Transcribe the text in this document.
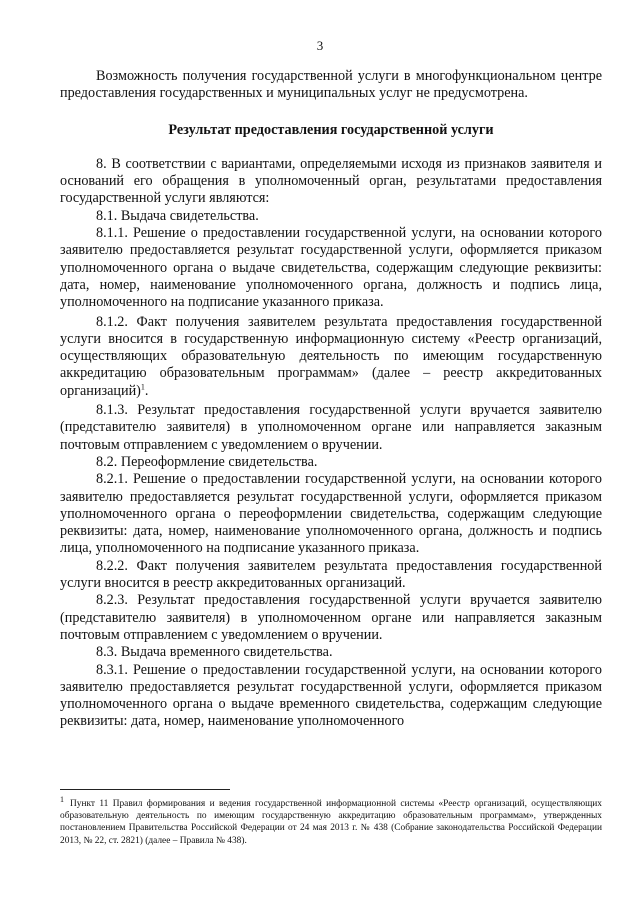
3

Возможность получения государственной услуги в многофункциональном центре предоставления государственных и муниципальных услуг не предусмотрена.

Результат предоставления государственной услуги

8. В соответствии с вариантами, определяемыми исходя из признаков заявителя и оснований его обращения в уполномоченный орган, результатами предоставления государственной услуги являются:

8.1. Выдача свидетельства.

8.1.1. Решение о предоставлении государственной услуги, на основании которого заявителю предоставляется результат государственной услуги, оформляется приказом уполномоченного органа о выдаче свидетельства, содержащим следующие реквизиты: дата, номер, наименование уполномоченного органа, должность и подпись лица, уполномоченного на подписание указанного приказа.

8.1.2. Факт получения заявителем результата предоставления государственной услуги вносится в государственную информационную систему «Реестр организаций, осуществляющих образовательную деятельность по имеющим государственную аккредитацию образовательным программам» (далее – реестр аккредитованных организаций)$^1$.

8.1.3. Результат предоставления государственной услуги вручается заявителю (представителю заявителя) в уполномоченном органе или направляется заказным почтовым отправлением с уведомлением о вручении.

8.2. Переоформление свидетельства.

8.2.1. Решение о предоставлении государственной услуги, на основании которого заявителю предоставляется результат государственной услуги, оформляется приказом уполномоченного органа о переоформлении свидетельства, содержащим следующие реквизиты: дата, номер, наименование уполномоченного органа, должность и подпись лица, уполномоченного на подписание указанного приказа.

8.2.2. Факт получения заявителем результата предоставления государственной услуги вносится в реестр аккредитованных организаций.

8.2.3. Результат предоставления государственной услуги вручается заявителю (представителю заявителя) в уполномоченном органе или направляется заказным почтовым отправлением с уведомлением о вручении.

8.3. Выдача временного свидетельства.

8.3.1. Решение о предоставлении государственной услуги, на основании которого заявителю предоставляется результат государственной услуги, оформляется приказом уполномоченного органа о выдаче временного свидетельства, содержащим следующие реквизиты: дата, номер, наименование уполномоченного

$^1$ Пункт 11 Правил формирования и ведения государственной информационной системы «Реестр организаций, осуществляющих образовательную деятельность по имеющим государственную аккредитацию образовательным программам», утвержденных постановлением Правительства Российской Федерации от 24 мая 2013 г. № 438 (Собрание законодательства Российской Федерации 2013, № 22, ст. 2821) (далее – Правила № 438).
